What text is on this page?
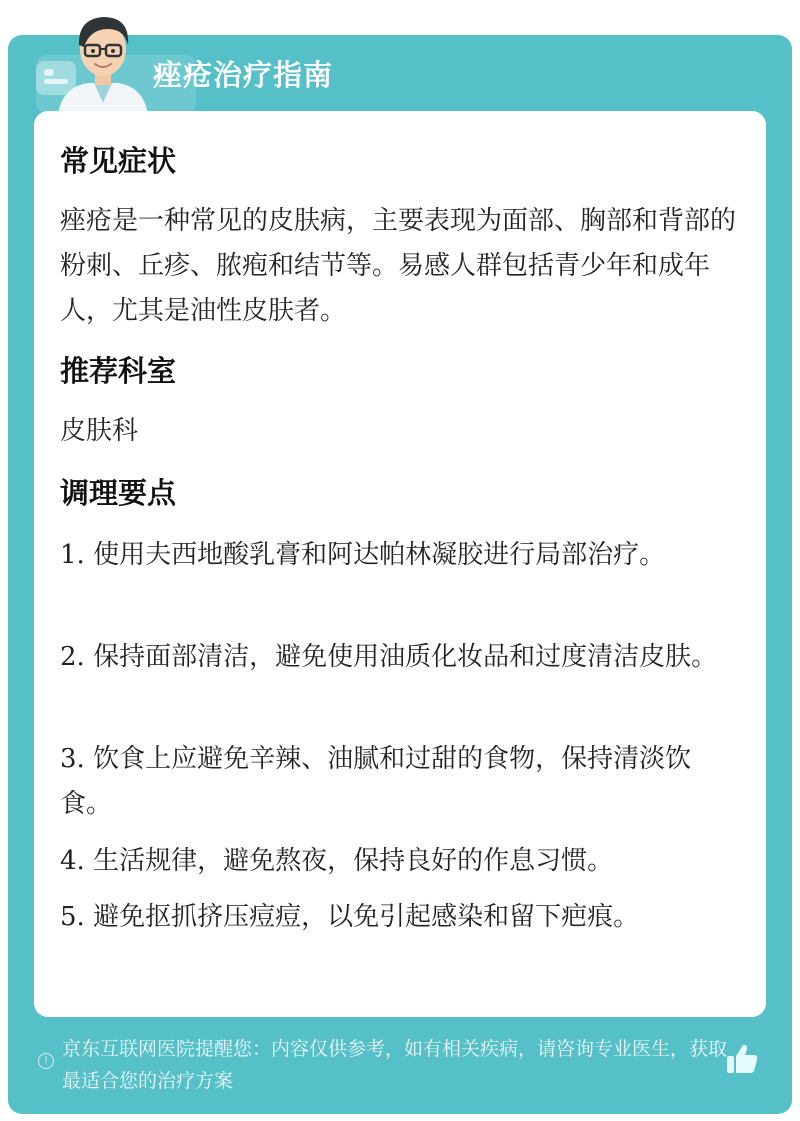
痤疮治疗指南
常见症状
痤疮是一种常见的皮肤病，主要表现为面部、胸部和背部的粉刺、丘疹、脓疱和结节等。易感人群包括青少年和成年人，尤其是油性皮肤者。
推荐科室
皮肤科
调理要点
1. 使用夫西地酸乳膏和阿达帕林凝胶进行局部治疗。
2. 保持面部清洁，避免使用油质化妆品和过度清洁皮肤。
3. 饮食上应避免辛辣、油腻和过甜的食物，保持清淡饮食。
4. 生活规律，避免熬夜，保持良好的作息习惯。
5. 避免抠抓挤压痘痘，以免引起感染和留下疤痕。
!
京东互联网医院提醒您：内容仅供参考，如有相关疾病，请咨询专业医生，获取最适合您的治疗方案
